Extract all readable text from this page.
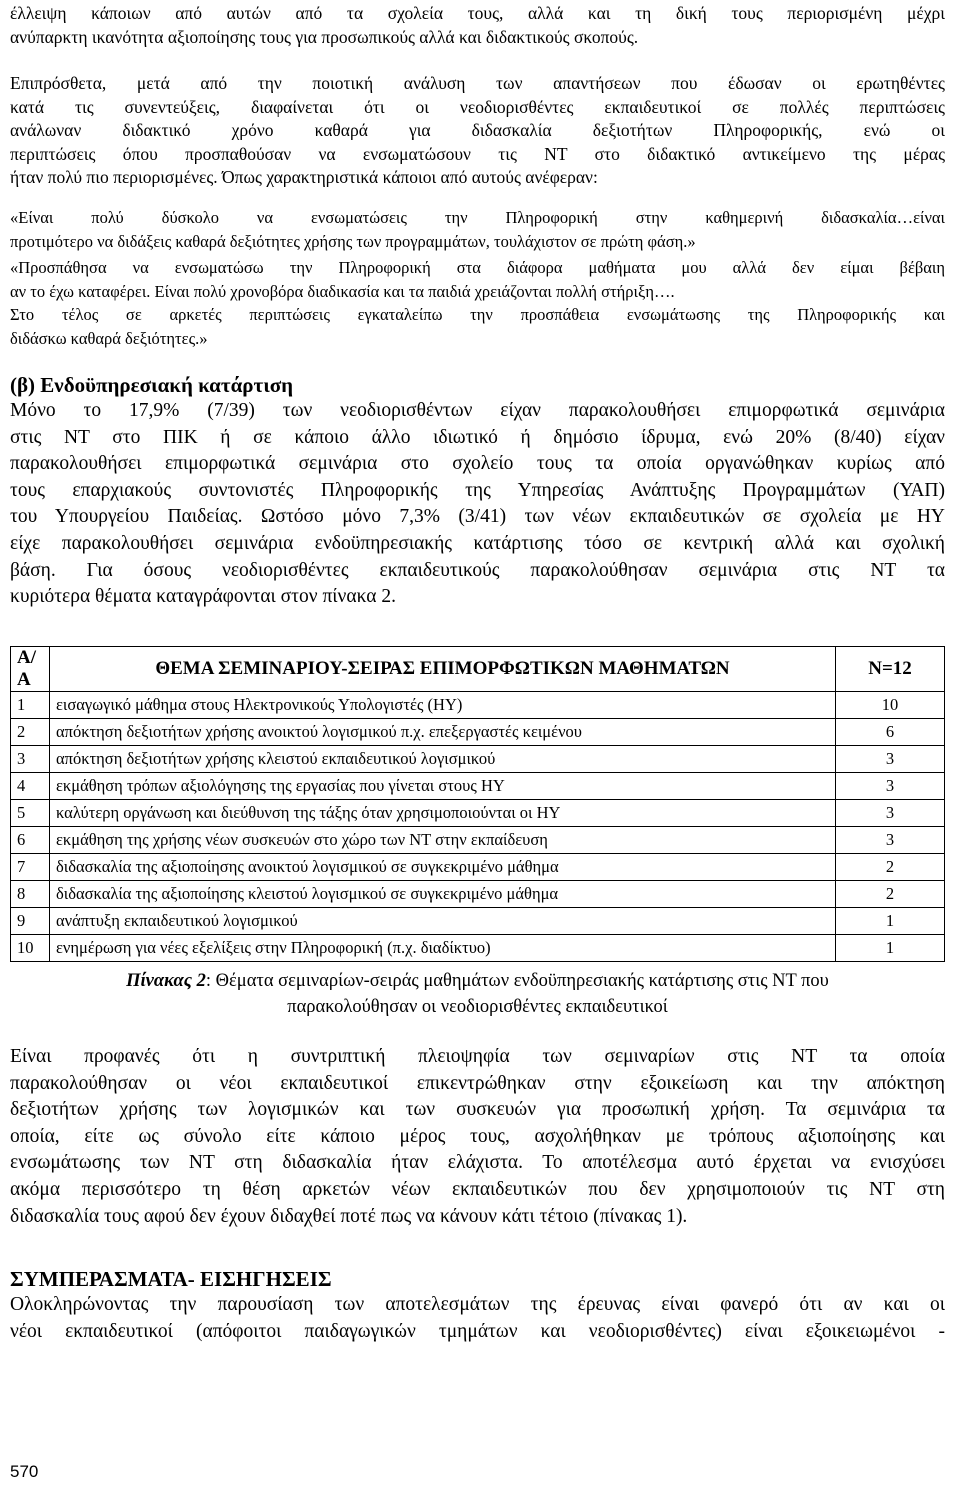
έλλειψη κάποιων από αυτών από τα σχολεία τους, αλλά και τη δική τους περιορισμένη μέχρι
ανύπαρκτη ικανότητα αξιοποίησης τους για προσωπικούς αλλά και διδακτικούς σκοπούς.
Επιπρόσθετα, μετά από την ποιοτική ανάλυση των απαντήσεων που έδωσαν οι ερωτηθέντες
κατά τις συνεντεύξεις, διαφαίνεται ότι οι νεοδιορισθέντες εκπαιδευτικοί σε πολλές περιπτώσεις
ανάλωναν διδακτικό χρόνο καθαρά για διδασκαλία δεξιοτήτων Πληροφορικής, ενώ οι
περιπτώσεις όπου προσπαθούσαν να ενσωματώσουν τις ΝΤ στο διδακτικό αντικείμενο της μέρας
ήταν πολύ πιο περιορισμένες. Όπως χαρακτηριστικά κάποιοι από αυτούς ανέφεραν:
«Είναι πολύ δύσκολο να ενσωματώσεις την Πληροφορική στην καθημερινή διδασκαλία…είναι
προτιμότερο να διδάξεις καθαρά δεξιότητες χρήσης των προγραμμάτων, τουλάχιστον σε πρώτη φάση.»
«Προσπάθησα να ενσωματώσω την Πληροφορική στα διάφορα μαθήματα μου αλλά δεν είμαι βέβαιη
αν το έχω καταφέρει. Είναι πολύ χρονοβόρα διαδικασία και τα παιδιά χρειάζονται πολλή στήριξη….
Στο τέλος σε αρκετές περιπτώσεις εγκαταλείπω την προσπάθεια ενσωμάτωσης της Πληροφορικής και
διδάσκω καθαρά δεξιότητες.»
(β) Ενδοϋπηρεσιακή κατάρτιση
Μόνο το 17,9% (7/39) των νεοδιορισθέντων είχαν παρακολουθήσει επιμορφωτικά σεμινάρια
στις ΝΤ στο ΠΙΚ ή σε κάποιο άλλο ιδιωτικό ή δημόσιο ίδρυμα, ενώ 20% (8/40) είχαν
παρακολουθήσει επιμορφωτικά σεμινάρια στο σχολείο τους τα οποία οργανώθηκαν κυρίως από
τους επαρχιακούς συντονιστές Πληροφορικής της Υπηρεσίας Ανάπτυξης Προγραμμάτων (ΥΑΠ)
του Υπουργείου Παιδείας. Ωστόσο μόνο 7,3% (3/41) των νέων εκπαιδευτικών σε σχολεία με ΗΥ
είχε παρακολουθήσει σεμινάρια ενδοϋπηρεσιακής κατάρτισης τόσο σε κεντρική αλλά και σχολική
βάση. Για όσους νεοδιορισθέντες εκπαιδευτικούς παρακολούθησαν σεμινάρια στις ΝΤ τα
κυριότερα θέματα καταγράφονται στον πίνακα 2.
Α/Α	ΘΕΜΑ ΣΕΜΙΝΑΡΙΟΥ-ΣΕΙΡΑΣ ΕΠΙΜΟΡΦΩΤΙΚΩΝ ΜΑΘΗΜΑΤΩΝ	Ν=12
1	εισαγωγικό μάθημα στους Ηλεκτρονικούς Υπολογιστές (ΗΥ)	10
2	απόκτηση δεξιοτήτων χρήσης ανοικτού λογισμικού π.χ. επεξεργαστές κειμένου	6
3	απόκτηση δεξιοτήτων χρήσης κλειστού εκπαιδευτικού λογισμικού	3
4	εκμάθηση τρόπων αξιολόγησης της εργασίας που γίνεται στους ΗΥ	3
5	καλύτερη οργάνωση και διεύθυνση της τάξης όταν χρησιμοποιούνται οι ΗΥ	3
6	εκμάθηση της χρήσης νέων συσκευών στο χώρο των ΝΤ στην εκπαίδευση	3
7	διδασκαλία της αξιοποίησης ανοικτού λογισμικού σε συγκεκριμένο μάθημα	2
8	διδασκαλία της αξιοποίησης κλειστού λογισμικού σε συγκεκριμένο μάθημα	2
9	ανάπτυξη εκπαιδευτικού λογισμικού	1
10	ενημέρωση για νέες εξελίξεις στην Πληροφορική (π.χ. διαδίκτυο)	1
Πίνακας 2: Θέματα σεμιναρίων-σειράς μαθημάτων ενδοϋπηρεσιακής κατάρτισης στις ΝΤ που
παρακολούθησαν οι νεοδιορισθέντες εκπαιδευτικοί
Είναι προφανές ότι η συντριπτική πλειοψηφία των σεμιναρίων στις ΝΤ τα οποία
παρακολούθησαν οι νέοι εκπαιδευτικοί επικεντρώθηκαν στην εξοικείωση και την απόκτηση
δεξιοτήτων χρήσης των λογισμικών και των συσκευών για προσωπική χρήση. Τα σεμινάρια τα
οποία, είτε ως σύνολο είτε κάποιο μέρος τους, ασχολήθηκαν με τρόπους αξιοποίησης και
ενσωμάτωσης των ΝΤ στη διδασκαλία ήταν ελάχιστα. Το αποτέλεσμα αυτό έρχεται να ενισχύσει
ακόμα περισσότερο τη θέση αρκετών νέων εκπαιδευτικών που δεν χρησιμοποιούν τις ΝΤ στη
διδασκαλία τους αφού δεν έχουν διδαχθεί ποτέ πως να κάνουν κάτι τέτοιο (πίνακας 1).
ΣΥΜΠΕΡΑΣΜΑΤΑ- ΕΙΣΗΓΗΣΕΙΣ
Ολοκληρώνοντας την παρουσίαση των αποτελεσμάτων της έρευνας είναι φανερό ότι αν και οι
νέοι εκπαιδευτικοί (απόφοιτοι παιδαγωγικών τμημάτων και νεοδιορισθέντες) είναι εξοικειωμένοι -
570
